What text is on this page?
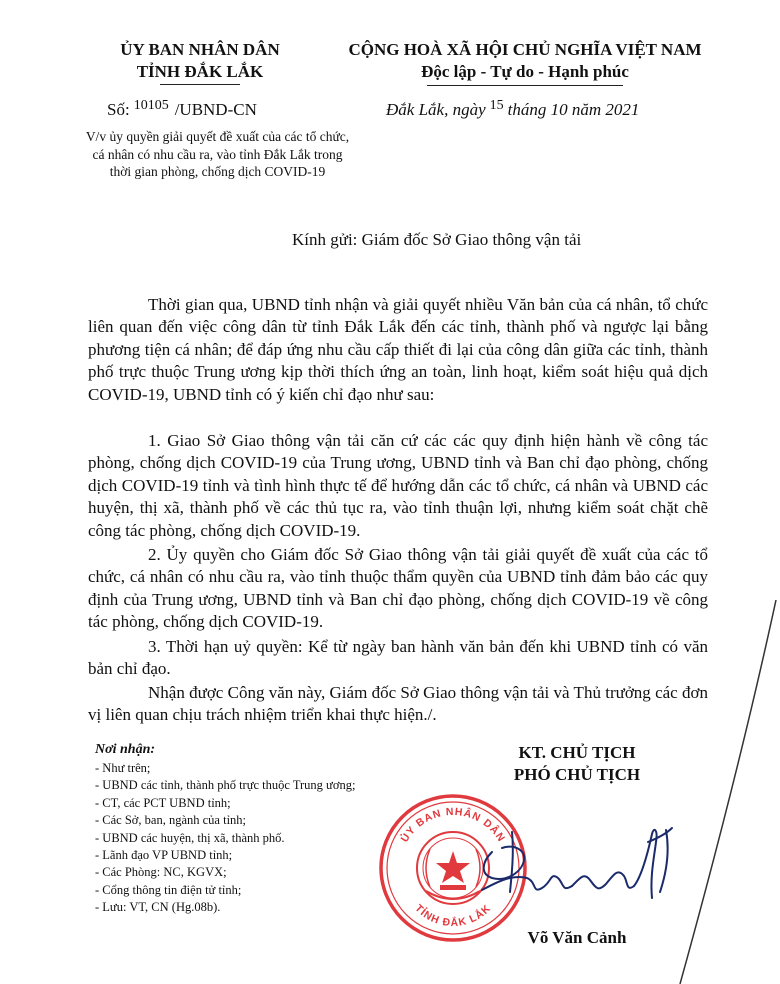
ỦY BAN NHÂN DÂN
TỈNH ĐẮK LẮK
CỘNG HOÀ XÃ HỘI CHỦ NGHĨA VIỆT NAM
Độc lập - Tự do - Hạnh phúc
Số: $^{10105}$ /UBND-CN	Đắk Lắk, ngày $^{15}$ tháng 10 năm 2021
V/v ủy quyền giải quyết đề xuất của các tổ chức, cá nhân có nhu cầu ra, vào tỉnh Đắk Lắk trong thời gian phòng, chống dịch COVID-19
Kính gửi: Giám đốc Sở Giao thông vận tải
Thời gian qua, UBND tỉnh nhận và giải quyết nhiều Văn bản của cá nhân, tổ chức liên quan đến việc công dân từ tỉnh Đắk Lắk đến các tỉnh, thành phố và ngược lại bằng phương tiện cá nhân; để đáp ứng nhu cầu cấp thiết đi lại của công dân giữa các tỉnh, thành phố trực thuộc Trung ương kịp thời thích ứng an toàn, linh hoạt, kiểm soát hiệu quả dịch COVID-19, UBND tỉnh có ý kiến chỉ đạo như sau:
1. Giao Sở Giao thông vận tải căn cứ các các quy định hiện hành về công tác phòng, chống dịch COVID-19 của Trung ương, UBND tỉnh và Ban chỉ đạo phòng, chống dịch COVID-19 tỉnh và tình hình thực tế để hướng dẫn các tổ chức, cá nhân và UBND các huyện, thị xã, thành phố về các thủ tục ra, vào tỉnh thuận lợi, nhưng kiểm soát chặt chẽ công tác phòng, chống dịch COVID-19.
2. Ủy quyền cho Giám đốc Sở Giao thông vận tải giải quyết đề xuất của các tổ chức, cá nhân có nhu cầu ra, vào tỉnh thuộc thẩm quyền của UBND tỉnh đảm bảo các quy định của Trung ương, UBND tỉnh và Ban chỉ đạo phòng, chống dịch COVID-19 về công tác phòng, chống dịch COVID-19.
3. Thời hạn uỷ quyền: Kể từ ngày ban hành văn bản đến khi UBND tỉnh có văn bản chỉ đạo.
Nhận được Công văn này, Giám đốc Sở Giao thông vận tải và Thủ trưởng các đơn vị liên quan chịu trách nhiệm triển khai thực hiện./.
Nơi nhận:
- Như trên;
- UBND các tỉnh, thành phố trực thuộc Trung ương;
- CT, các PCT UBND tỉnh;
- Các Sở, ban, ngành của tỉnh;
- UBND các huyện, thị xã, thành phố.
- Lãnh đạo VP UBND tỉnh;
- Các Phòng: NC, KGVX;
- Cổng thông tin điện tử tỉnh;
- Lưu: VT, CN (Hg.08b).
KT. CHỦ TỊCH
PHÓ CHỦ TỊCH
ỦY BAN NHÂN DÂN
TỈNH ĐẮK LẮK
Võ Văn Cảnh
